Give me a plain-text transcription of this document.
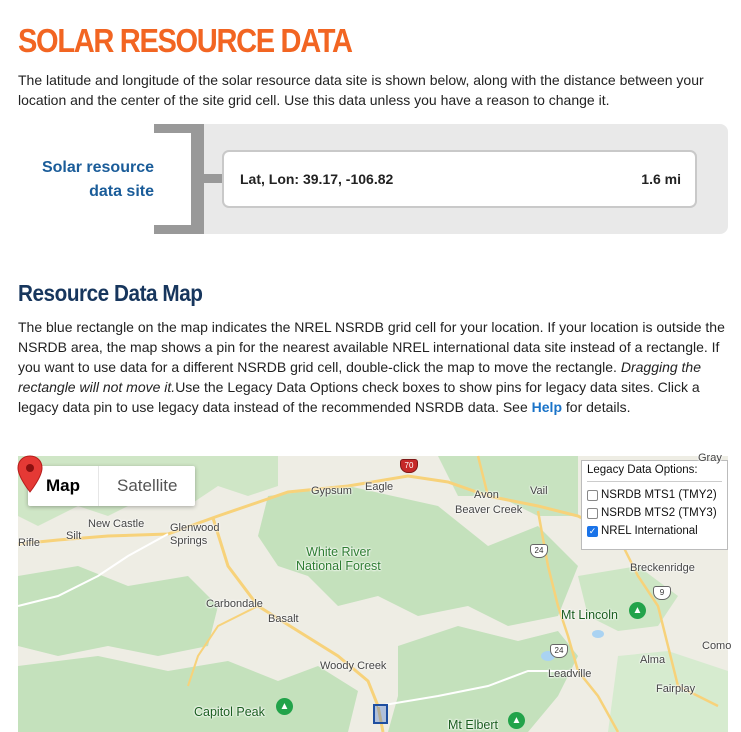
SOLAR RESOURCE DATA

The latitude and longitude of the solar resource data site is shown below, along with the distance between your location and the center of the site grid cell. Use this data unless you have a reason to change it.

Solar resource data site
Lat, Lon: 39.17, -106.82	1.6 mi
Resource Data Map

The blue rectangle on the map indicates the NREL NSRDB grid cell for your location. If your location is outside the NSRDB area, the map shows a pin for the nearest available NREL international data site instead of a rectangle. If you want to use data for a different NSRDB grid cell, double-click the map to move the rectangle. Dragging the rectangle will not move it.Use the Legacy Data Options check boxes to show pins for legacy data sites. Click a legacy data pin to use legacy data instead of the recommended NSRDB data. See Help for details.

Map	Satellite
Legacy Data Options:
NSRDB MTS1 (TMY2)
NSRDB MTS2 (TMY3)
✓ NREL International
70
24
24
9
Gray
Gypsum Eagle
Avon	Vail
Beaver Creek
New Castle Glenwood
Springs
Silt
Rifle
White River
National Forest	Breckenridge
Carbondale
Basalt	Mt Lincoln	▲
Como
Woody Creek
Leadville
Alma
Fairplay
Capitol Peak	▲
Mt Elbert	▲
